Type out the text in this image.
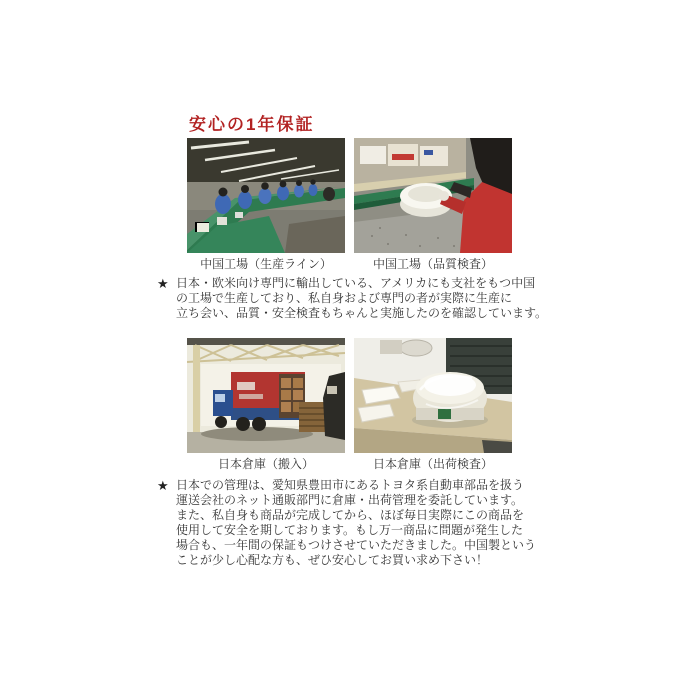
安心の1年保証
中国工場（生産ライン）	中国工場（品質検査）
★ 日本・欧米向け専門に輸出している、アメリカにも支社をもつ中国
の工場で生産しており、私自身および専門の者が実際に生産に
立ち会い、品質・安全検査もちゃんと実施したのを確認しています。
日本倉庫（搬入）	日本倉庫（出荷検査）
★ 日本での管理は、愛知県豊田市にあるトヨタ系自動車部品を扱う
運送会社のネット通販部門に倉庫・出荷管理を委託しています。
また、私自身も商品が完成してから、ほぼ毎日実際にこの商品を
使用して安全を期しております。もし万一商品に問題が発生した
場合も、一年間の保証もつけさせていただきました。中国製という
ことが少し心配な方も、ぜひ安心してお買い求め下さい！
